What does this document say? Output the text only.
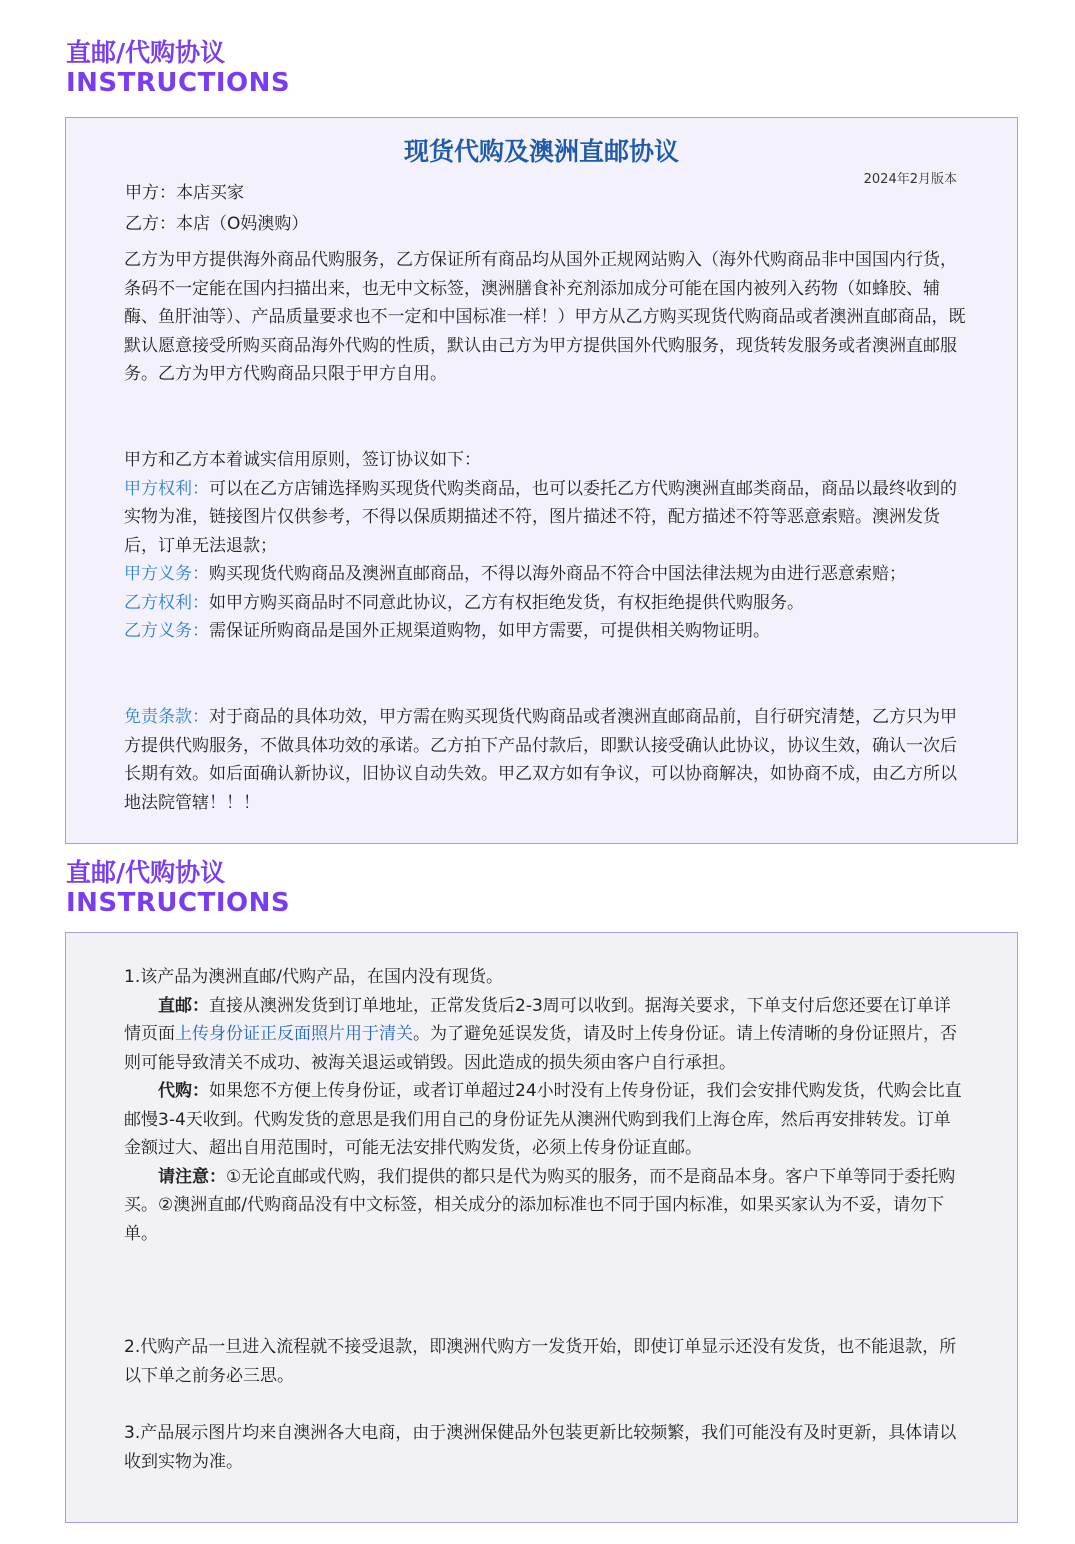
直邮/代购协议
INSTRUCTIONS
现货代购及澳洲直邮协议
2024年2月版本
甲方：本店买家
乙方：本店（O妈澳购）

乙方为甲方提供海外商品代购服务，乙方保证所有商品均从国外正规网站购入（海外代购商品非中国国内行货，条码不一定能在国内扫描出来，也无中文标签，澳洲膳食补充剂添加成分可能在国内被列入药物（如蜂胶、辅酶、鱼肝油等）、产品质量要求也不一定和中国标准一样！）甲方从乙方购买现货代购商品或者澳洲直邮商品，既默认愿意接受所购买商品海外代购的性质，默认由己方为甲方提供国外代购服务，现货转发服务或者澳洲直邮服务。乙方为甲方代购商品只限于甲方自用。

甲方和乙方本着诚实信用原则，签订协议如下：
甲方权利：可以在乙方店铺选择购买现货代购类商品，也可以委托乙方代购澳洲直邮类商品，商品以最终收到的实物为准，链接图片仅供参考，不得以保质期描述不符，图片描述不符，配方描述不符等恶意索赔。澳洲发货后，订单无法退款；
甲方义务：购买现货代购商品及澳洲直邮商品，不得以海外商品不符合中国法律法规为由进行恶意索赔；
乙方权利：如甲方购买商品时不同意此协议，乙方有权拒绝发货，有权拒绝提供代购服务。
乙方义务：需保证所购商品是国外正规渠道购物，如甲方需要，可提供相关购物证明。
免责条款：对于商品的具体功效，甲方需在购买现货代购商品或者澳洲直邮商品前，自行研究清楚，乙方只为甲方提供代购服务，不做具体功效的承诺。乙方拍下产品付款后，即默认接受确认此协议，协议生效，确认一次后长期有效。如后面确认新协议，旧协议自动失效。甲乙双方如有争议，可以协商解决，如协商不成，由乙方所以地法院管辖！！！
直邮/代购协议
INSTRUCTIONS
1.该产品为澳洲直邮/代购产品，在国内没有现货。
直邮：直接从澳洲发货到订单地址，正常发货后2-3周可以收到。据海关要求，下单支付后您还要在订单详情页面上传身份证正反面照片用于清关。为了避免延误发货，请及时上传身份证。请上传清晰的身份证照片，否则可能导致清关不成功、被海关退运或销毁。因此造成的损失须由客户自行承担。
代购：如果您不方便上传身份证，或者订单超过24小时没有上传身份证，我们会安排代购发货，代购会比直邮慢3-4天收到。代购发货的意思是我们用自己的身份证先从澳洲代购到我们上海仓库，然后再安排转发。订单金额过大、超出自用范围时，可能无法安排代购发货，必须上传身份证直邮。
请注意：①无论直邮或代购，我们提供的都只是代为购买的服务，而不是商品本身。客户下单等同于委托购买。②澳洲直邮/代购商品没有中文标签，相关成分的添加标准也不同于国内标准，如果买家认为不妥，请勿下单。

2.代购产品一旦进入流程就不接受退款，即澳洲代购方一发货开始，即使订单显示还没有发货，也不能退款，所以下单之前务必三思。

3.产品展示图片均来自澳洲各大电商，由于澳洲保健品外包装更新比较频繁，我们可能没有及时更新，具体请以收到实物为准。
